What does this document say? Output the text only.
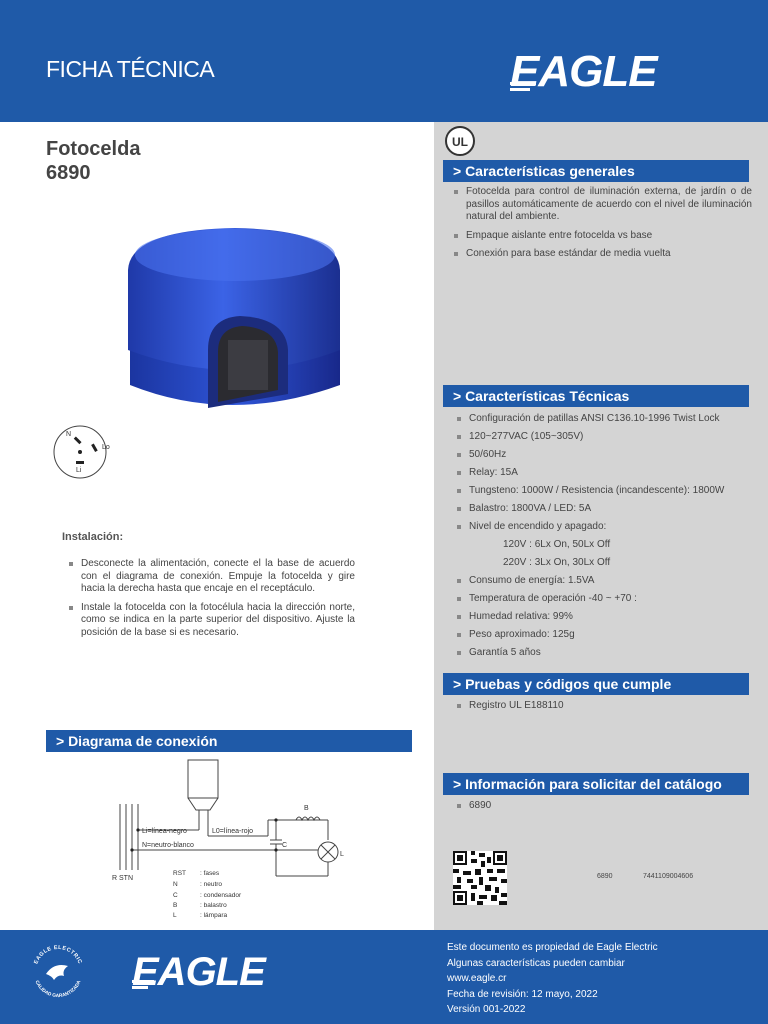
FICHA TÉCNICA	EAGLE
Fotocelda
6890
N
Lo
Li
UL
> Características generales
Fotocelda para control de iluminación externa, de jardín o de pasillos automáticamente de acuerdo con el nivel de iluminación natural del ambiente.
Empaque aislante entre fotocelda vs base
Conexión para base estándar de media vuelta
> Características Técnicas
Configuración de patillas ANSI C136.10-1996 Twist Lock
120~277VAC (105~305V)
50/60Hz
Relay: 15A
Tungsteno: 1000W / Resistencia (incandescente): 1800W
Balastro: 1800VA / LED: 5A
Nivel de encendido y apagado:
120V : 6Lx On, 50Lx Off
220V : 3Lx On, 30Lx Off
Consumo de energía: 1.5VA
Temperatura de operación -40 ~ +70 :
Humedad relativa: 99%
Peso aproximado: 125g
Garantía 5 años
> Pruebas y códigos que cumple
Registro UL E188110
> Información para solicitar del catálogo
6890
6890	7441109004606
Instalación:
Desconecte la alimentación, conecte el la base de acuerdo con el diagrama de conexión. Empuje la fotocelda y gire hacia la derecha hasta que encaje en el receptáculo.
Instale la fotocelda con la fotocélula hacia la dirección norte, como se indica en la parte superior del dispositivo. Ajuste la posición de la base si es necesario.
> Diagrama de conexión
Li=línea-negro	L0=línea-rojo
N=neutro-blanco
B
C
L
R STN
RST : fases
N	: neutro
C	: condensador
B	: balastro
L	: lámpara
EAGLE ELECTRIC
CALIDAD GARANTIZADA EAGLE
Este documento es propiedad de Eagle Electric
Algunas características pueden cambiar
www.eagle.cr
Fecha de revisión: 12 mayo, 2022
Versión 001-2022
